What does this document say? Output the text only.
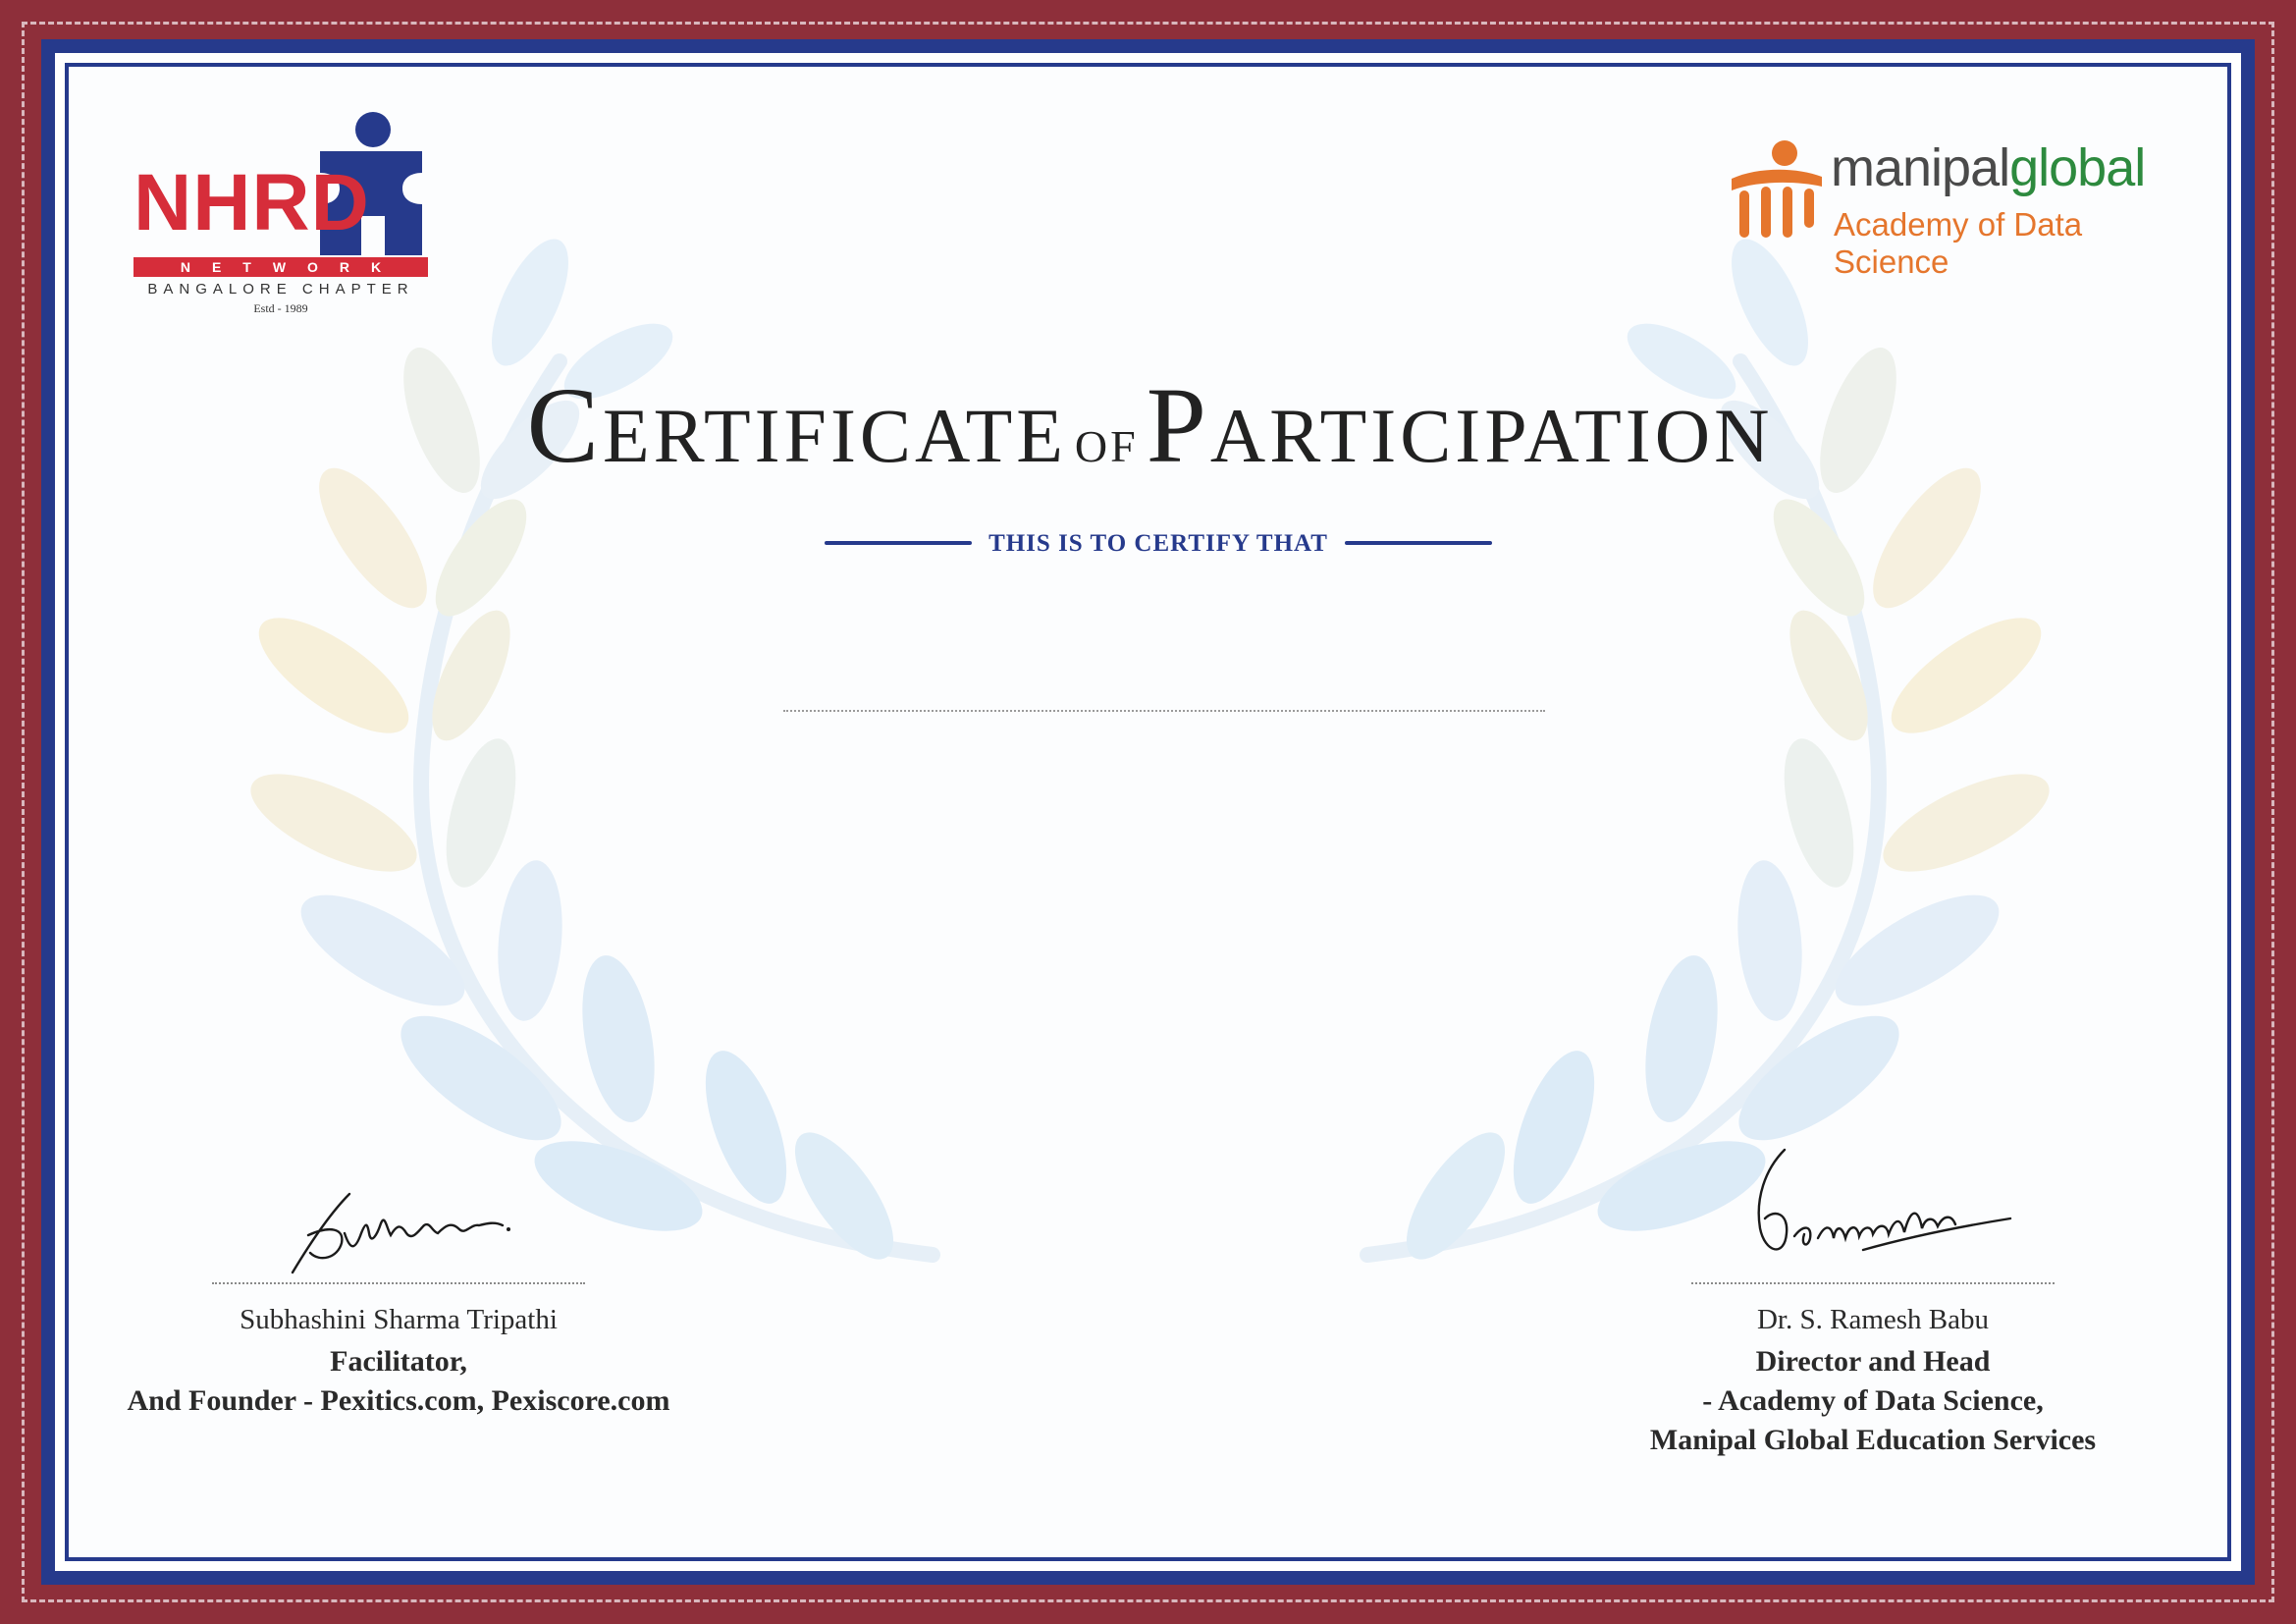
NHRD
NETWORK
BANGALORE CHAPTER
Estd - 1989
manipalglobal
Academy of Data Science
CERTIFICATE OF PARTICIPATION
THIS IS TO CERTIFY THAT
Subhashini Sharma Tripathi
Facilitator,
And Founder - Pexitics.com, Pexiscore.com
Dr. S. Ramesh Babu
Director and Head
- Academy of Data Science,
Manipal Global Education Services
